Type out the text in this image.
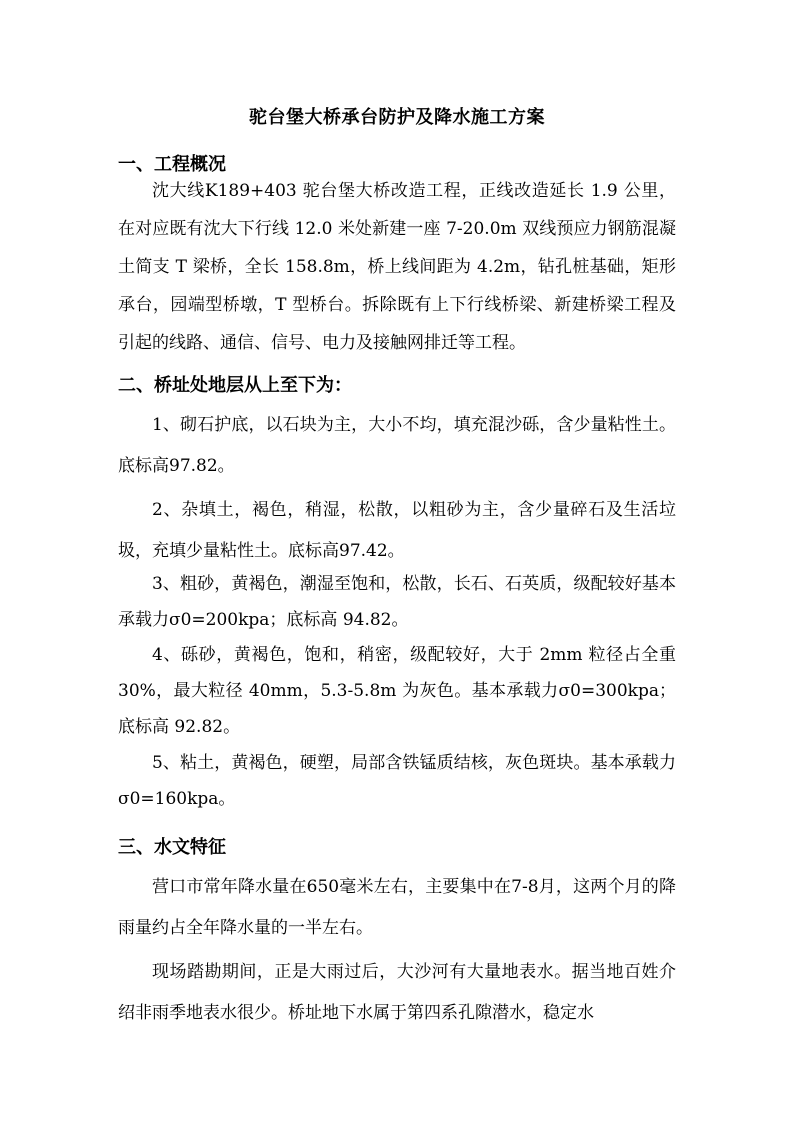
驼台堡大桥承台防护及降水施工方案
一、工程概况

沈大线K189+403 驼台堡大桥改造工程，正线改造延长 1.9 公里，在对应既有沈大下行线 12.0 米处新建一座 7-20.0m 双线预应力钢筋混凝土简支 T 梁桥，全长 158.8m，桥上线间距为 4.2m，钻孔桩基础，矩形承台，园端型桥墩，T 型桥台。拆除既有上下行线桥梁、新建桥梁工程及引起的线路、通信、信号、电力及接触网排迁等工程。

二、桥址处地层从上至下为：

1、砌石护底，以石块为主，大小不均，填充混沙砾，含少量粘性土。底标高97.82。

2、杂填土，褐色，稍湿，松散，以粗砂为主，含少量碎石及生活垃圾，充填少量粘性土。底标高97.42。

3、粗砂，黄褐色，潮湿至饱和，松散，长石、石英质，级配较好基本承载力σ0=200kpa；底标高 94.82。

4、砾砂，黄褐色，饱和，稍密，级配较好，大于 2mm 粒径占全重30%，最大粒径 40mm，5.3-5.8m 为灰色。基本承载力σ0=300kpa；底标高 92.82。

5、粘土，黄褐色，硬塑，局部含铁锰质结核，灰色斑块。基本承载力σ0=160kpa。

三、水文特征

营口市常年降水量在650毫米左右，主要集中在7-8月，这两个月的降雨量约占全年降水量的一半左右。

现场踏勘期间，正是大雨过后，大沙河有大量地表水。据当地百姓介绍非雨季地表水很少。桥址地下水属于第四系孔隙潜水，稳定水
